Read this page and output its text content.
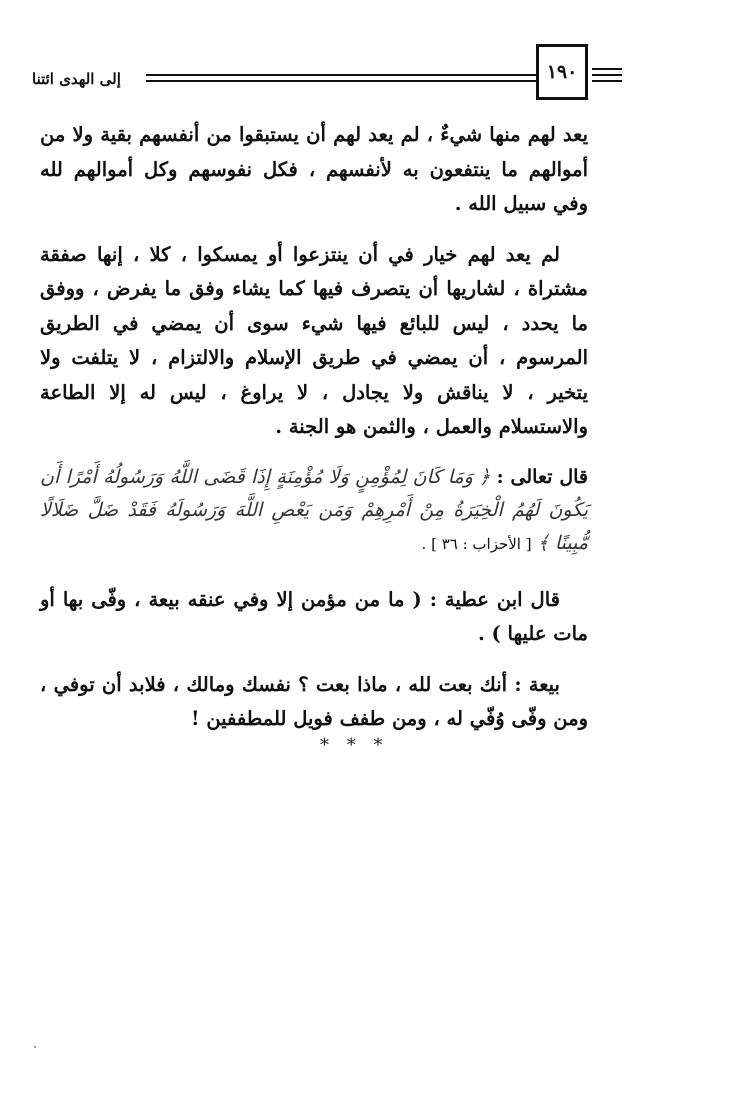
إلى الهدى ائتنا	١٩٠

يعد لهم منها شيءٌ ، لم يعد لهم أن يستبقوا من أنفسهم بقية ولا من أموالهم ما ينتفعون به لأنفسهم ، فكل نفوسهم وكل أموالهم لله وفي سبيل الله .

لم يعد لهم خيار في أن ينتزعوا أو يمسكوا ، كلا ، إنها صفقة مشتراة ، لشاريها أن يتصرف فيها كما يشاء وفق ما يفرض ، ووفق ما يحدد ، ليس للبائع فيها شيء سوى أن يمضي في الطريق المرسوم ، أن يمضي في طريق الإسلام والالتزام ، لا يتلفت ولا يتخير ، لا يناقش ولا يجادل ، لا يراوغ ، ليس له إلا الطاعة والاستسلام والعمل ، والثمن هو الجنة .

قال تعالى : ﴿ وَمَا كَانَ لِمُؤْمِنٍ وَلَا مُؤْمِنَةٍ إِذَا قَضَى اللَّهُ وَرَسُولُهُ أَمْرًا أَن يَكُونَ لَهُمُ الْخِيَرَةُ مِنْ أَمْرِهِمْ وَمَن يَعْصِ اللَّهَ وَرَسُولَهُ فَقَدْ ضَلَّ ضَلَالًا مُّبِينًا ﴾ [ الأحزاب : ٣٦ ] .

قال ابن عطية : ( ما من مؤمن إلا وفي عنقه بيعة ، وفّى بها أو مات عليها ) .

بيعة : أنك بعت لله ، ماذا بعت ؟ نفسك ومالك ، فلابد أن توفي ، ومن وفّى وُفّي له ، ومن طفف فويل للمطففين !

* * *
